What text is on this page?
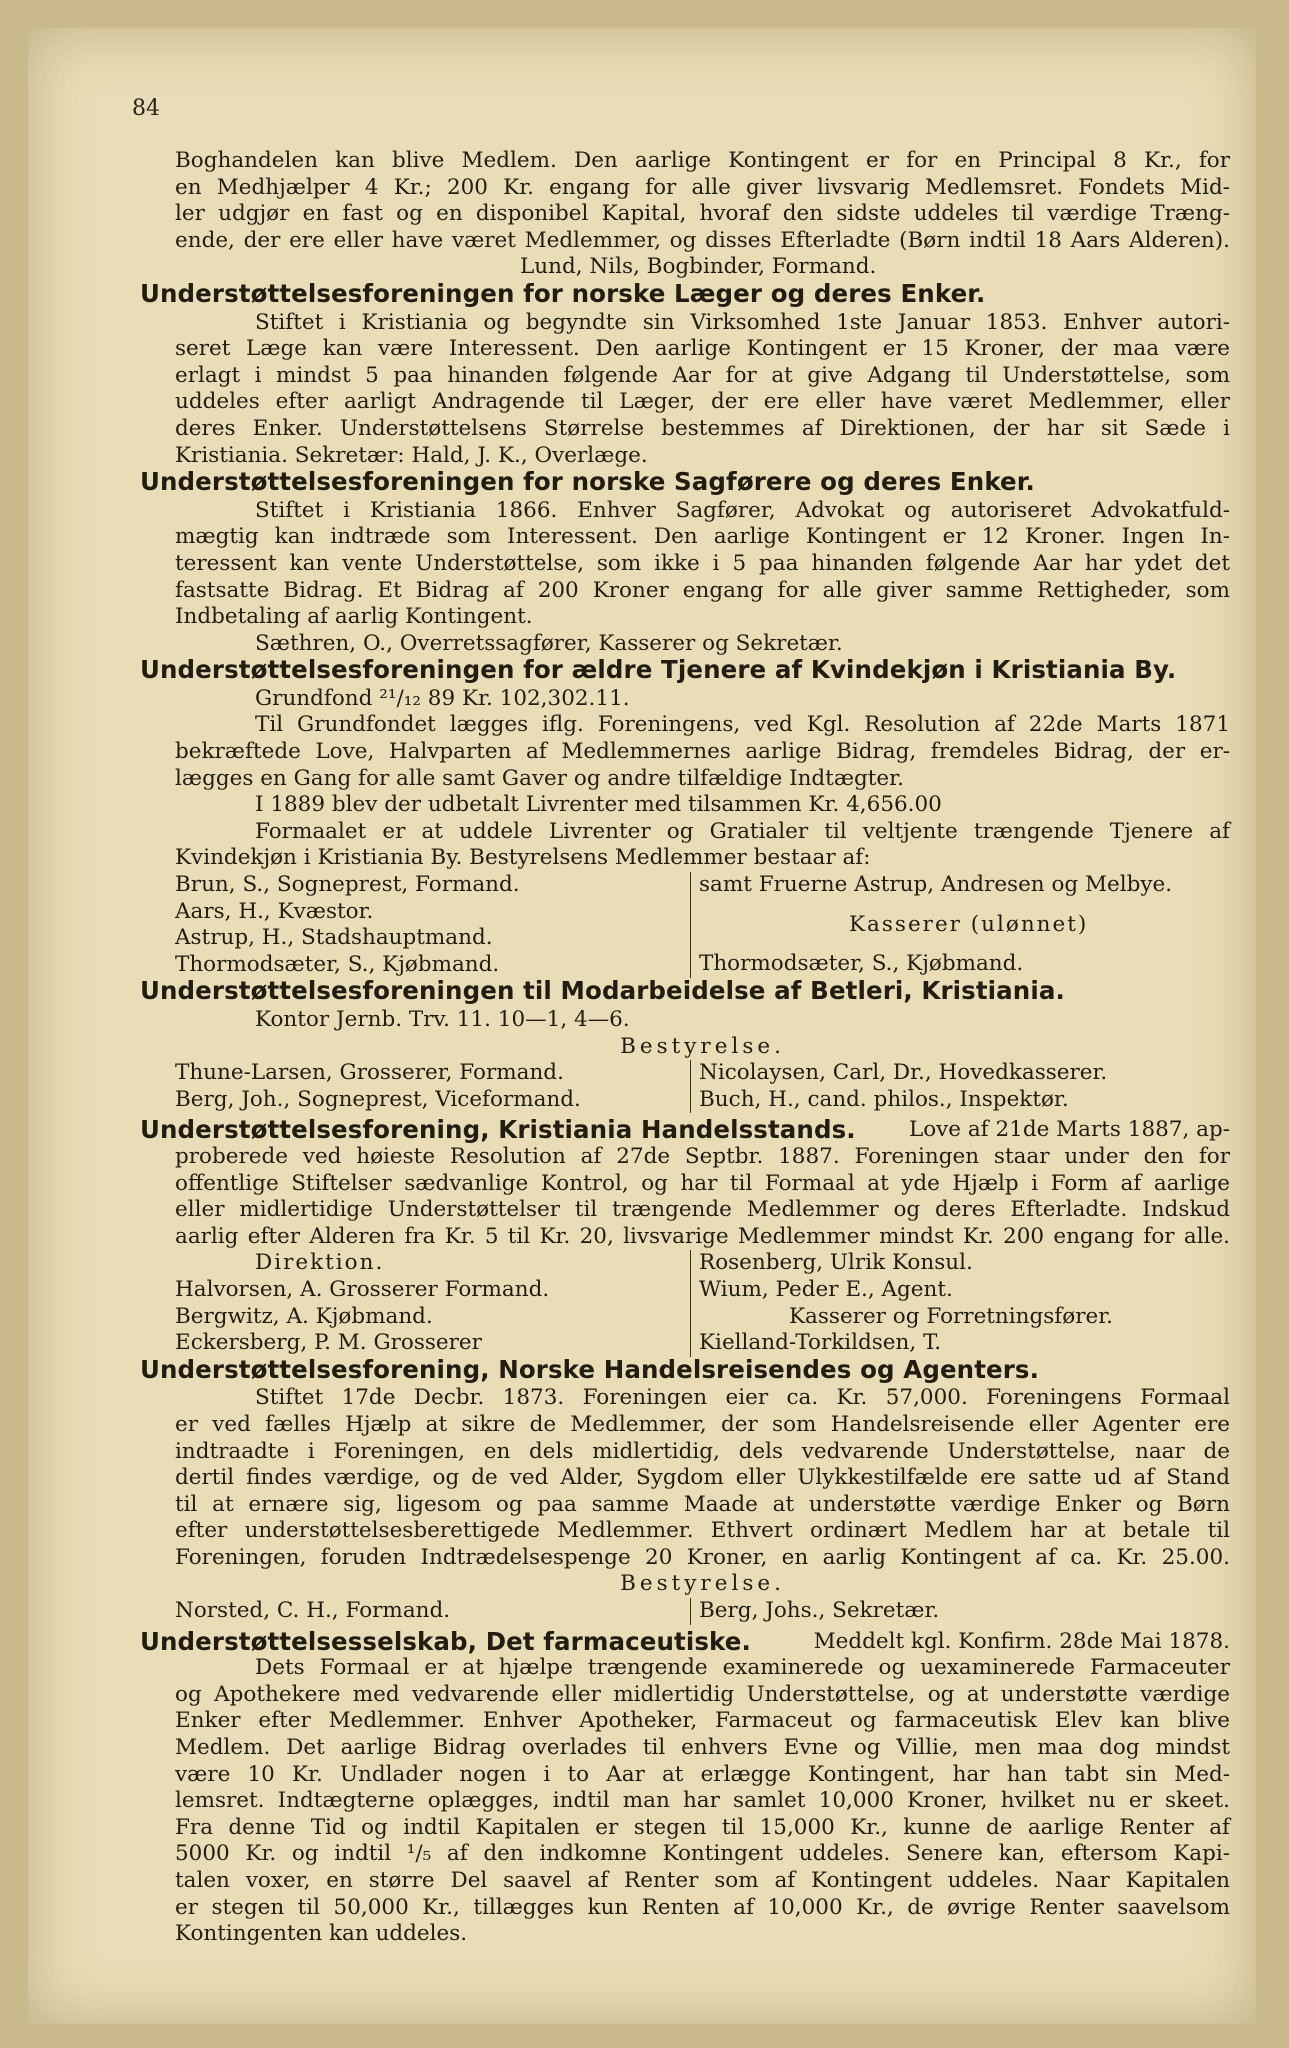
84

Boghandelen kan blive Medlem. Den aarlige Kontingent er for en Principal 8 Kr., for

en Medhjælper 4 Kr.; 200 Kr. engang for alle giver livsvarig Medlemsret. Fondets Mid-

ler udgjør en fast og en disponibel Kapital, hvoraf den sidste uddeles til værdige Træng-

ende, der ere eller have været Medlemmer, og disses Efterladte (Børn indtil 18 Aars Alderen).

Lund, Nils, Bogbinder, Formand.

Understøttelsesforeningen for norske Læger og deres Enker.

Stiftet i Kristiania og begyndte sin Virksomhed 1ste Januar 1853. Enhver autori-

seret Læge kan være Interessent. Den aarlige Kontingent er 15 Kroner, der maa være

erlagt i mindst 5 paa hinanden følgende Aar for at give Adgang til Understøttelse, som

uddeles efter aarligt Andragende til Læger, der ere eller have været Medlemmer, eller

deres Enker. Understøttelsens Størrelse bestemmes af Direktionen, der har sit Sæde i

Kristiania. Sekretær: Hald, J. K., Overlæge.

Understøttelsesforeningen for norske Sagførere og deres Enker.

Stiftet i Kristiania 1866. Enhver Sagfører, Advokat og autoriseret Advokatfuld-

mægtig kan indtræde som Interessent. Den aarlige Kontingent er 12 Kroner. Ingen In-

teressent kan vente Understøttelse, som ikke i 5 paa hinanden følgende Aar har ydet det

fastsatte Bidrag. Et Bidrag af 200 Kroner engang for alle giver samme Rettigheder, som

Indbetaling af aarlig Kontingent.

Sæthren, O., Overretssagfører, Kasserer og Sekretær.

Understøttelsesforeningen for ældre Tjenere af Kvindekjøn i Kristiania By.

Grundfond ²¹/₁₂ 89 Kr. 102,302.11.

Til Grundfondet lægges iflg. Foreningens, ved Kgl. Resolution af 22de Marts 1871

bekræftede Love, Halvparten af Medlemmernes aarlige Bidrag, fremdeles Bidrag, der er-

lægges en Gang for alle samt Gaver og andre tilfældige Indtægter.

I 1889 blev der udbetalt Livrenter med tilsammen Kr. 4,656.00

Formaalet er at uddele Livrenter og Gratialer til veltjente trængende Tjenere af

Kvindekjøn i Kristiania By. Bestyrelsens Medlemmer bestaar af:

Brun, S., Sogneprest, Formand.
Aars, H., Kvæstor.
Astrup, H., Stadshauptmand.
Thormodsæter, S., Kjøbmand.
samt Fruerne Astrup, Andresen og Melbye.
Kasserer (ulønnet)
Thormodsæter, S., Kjøbmand.
Understøttelsesforeningen til Modarbeidelse af Betleri, Kristiania.

Kontor Jernb. Trv. 11. 10—1, 4—6.

Bestyrelse.

Thune-Larsen, Grosserer, Formand.
Berg, Joh., Sogneprest, Viceformand.
Nicolaysen, Carl, Dr., Hovedkasserer.
Buch, H., cand. philos., Inspektør.
Understøttelsesforening, Kristiania Handelsstands. Love af 21de Marts 1887, ap-

proberede ved høieste Resolution af 27de Septbr. 1887. Foreningen staar under den for

offentlige Stiftelser sædvanlige Kontrol, og har til Formaal at yde Hjælp i Form af aarlige

eller midlertidige Understøttelser til trængende Medlemmer og deres Efterladte. Indskud

aarlig efter Alderen fra Kr. 5 til Kr. 20, livsvarige Medlemmer mindst Kr. 200 engang for alle.

Direktion.
Halvorsen, A. Grosserer Formand.
Bergwitz, A. Kjøbmand.
Eckersberg, P. M. Grosserer
Rosenberg, Ulrik Konsul.
Wium, Peder E., Agent.
Kasserer og Forretningsfører.
Kielland-Torkildsen, T.
Understøttelsesforening, Norske Handelsreisendes og Agenters.

Stiftet 17de Decbr. 1873. Foreningen eier ca. Kr. 57,000. Foreningens Formaal

er ved fælles Hjælp at sikre de Medlemmer, der som Handelsreisende eller Agenter ere

indtraadte i Foreningen, en dels midlertidig, dels vedvarende Understøttelse, naar de

dertil findes værdige, og de ved Alder, Sygdom eller Ulykkestilfælde ere satte ud af Stand

til at ernære sig, ligesom og paa samme Maade at understøtte værdige Enker og Børn

efter understøttelsesberettigede Medlemmer. Ethvert ordinært Medlem har at betale til

Foreningen, foruden Indtrædelsespenge 20 Kroner, en aarlig Kontingent af ca. Kr. 25.00.

Bestyrelse.

Norsted, C. H., Formand.	Berg, Johs., Sekretær.
Understøttelsesselskab, Det farmaceutiske.	Meddelt kgl. Konfirm. 28de Mai 1878.

Dets Formaal er at hjælpe trængende examinerede og uexaminerede Farmaceuter

og Apothekere med vedvarende eller midlertidig Understøttelse, og at understøtte værdige

Enker efter Medlemmer. Enhver Apotheker, Farmaceut og farmaceutisk Elev kan blive

Medlem. Det aarlige Bidrag overlades til enhvers Evne og Villie, men maa dog mindst

være 10 Kr. Undlader nogen i to Aar at erlægge Kontingent, har han tabt sin Med-

lemsret. Indtægterne oplægges, indtil man har samlet 10,000 Kroner, hvilket nu er skeet.

Fra denne Tid og indtil Kapitalen er stegen til 15,000 Kr., kunne de aarlige Renter af

5000 Kr. og indtil ¹/₅ af den indkomne Kontingent uddeles. Senere kan, eftersom Kapi-

talen voxer, en større Del saavel af Renter som af Kontingent uddeles. Naar Kapitalen

er stegen til 50,000 Kr., tillægges kun Renten af 10,000 Kr., de øvrige Renter saavelsom

Kontingenten kan uddeles.
